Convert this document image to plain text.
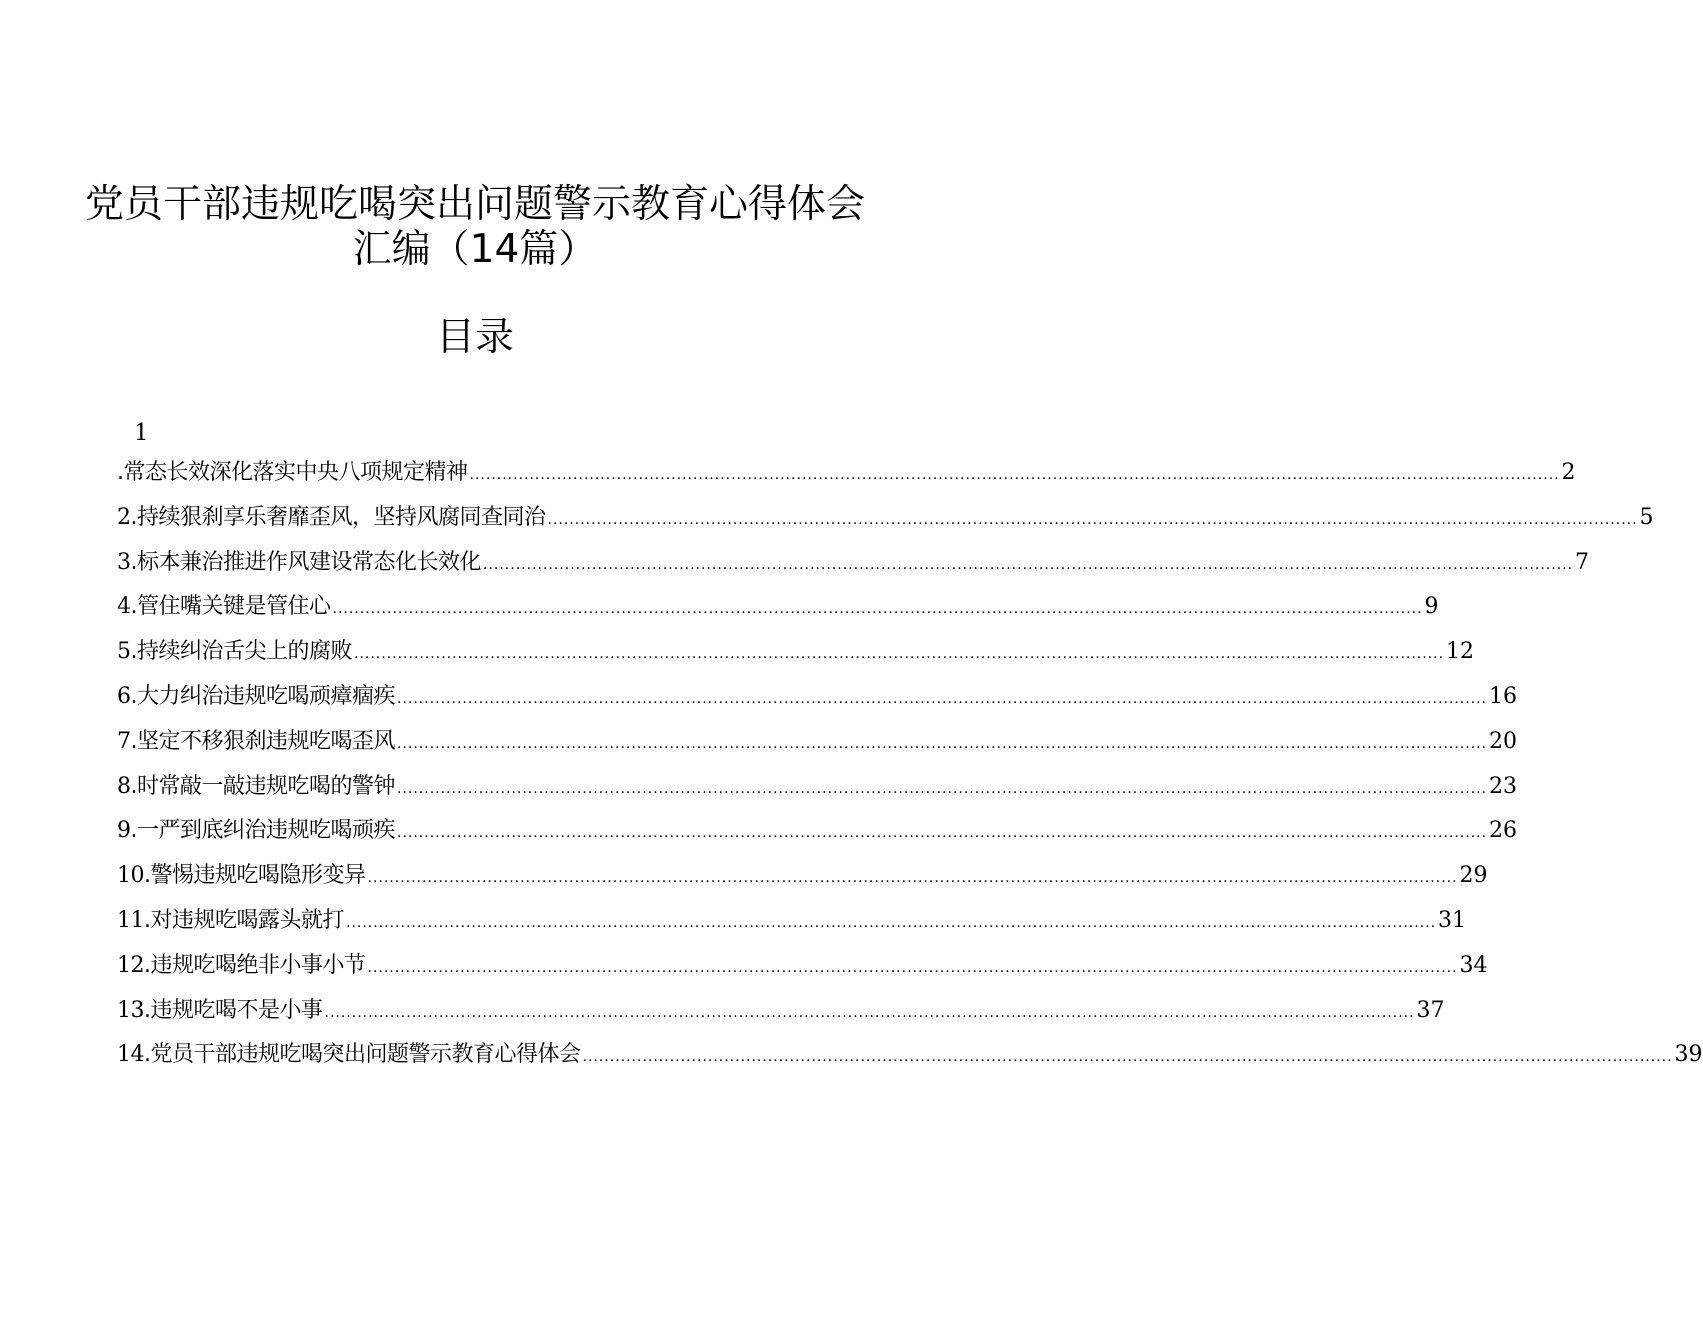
党员干部违规吃喝突出问题警示教育心得体会
汇编（14篇）
目录
1
.常态长效深化落实中央八项规定精神 ........................................................................................................................................................................................................ 2
2.持续狠刹享乐奢靡歪风，坚持风腐同查同治 ........................................................................................................................................................................................................ 5
3.标本兼治推进作风建设常态化长效化 ........................................................................................................................................................................................................ 7
4.管住嘴关键是管住心 ........................................................................................................................................................................................................ 9
5.持续纠治舌尖上的腐败 ........................................................................................................................................................................................................ 12
6.大力纠治违规吃喝顽瘴痼疾 ........................................................................................................................................................................................................ 16
7.坚定不移狠刹违规吃喝歪风 ........................................................................................................................................................................................................ 20
8.时常敲一敲违规吃喝的警钟 ........................................................................................................................................................................................................ 23
9.一严到底纠治违规吃喝顽疾 ........................................................................................................................................................................................................ 26
10.警惕违规吃喝隐形变异 ........................................................................................................................................................................................................ 29
11.对违规吃喝露头就打 ........................................................................................................................................................................................................ 31
12.违规吃喝绝非小事小节 ........................................................................................................................................................................................................ 34
13.违规吃喝不是小事 ........................................................................................................................................................................................................ 37
14.党员干部违规吃喝突出问题警示教育心得体会 ........................................................................................................................................................................................................ 39
